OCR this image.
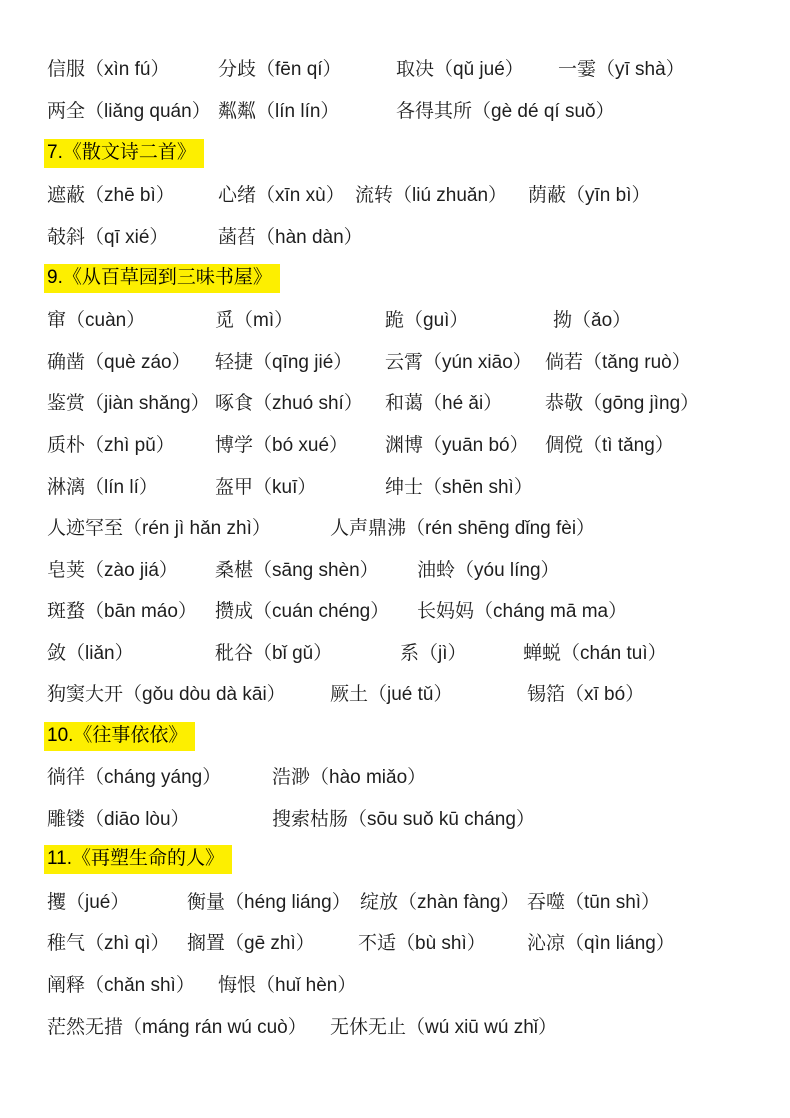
信服（xìn fú）	分歧（fēn qí）	取决（qǔ jué） 一霎（yī shà）
两全（liǎng quán） 粼粼（lín lín）	各得其所（gè dé qí suǒ）
7.《散文诗二首》
遮蔽（zhē bì） 心绪（xīn xù） 流转（liú zhuǎn） 荫蔽（yīn bì）
攲斜（qī xié）	菡萏（hàn dàn）
9.《从百草园到三味书屋》
窜（cuàn）	觅（mì）	跪（guì）	拗（ǎo）
确凿（què záo） 轻捷（qīng jié） 云霄（yún xiāo） 倘若（tǎng ruò）
鉴赏（jiàn shǎng） 啄食（zhuó shí） 和蔼（hé ǎi） 恭敬（gōng jìng）
质朴（zhì pǔ） 博学（bó xué） 渊博（yuān bó） 倜傥（tì tǎng）
淋漓（lín lí）	盔甲（kuī）	绅士（shēn shì）
人迹罕至（rén jì hǎn zhì）	人声鼎沸（rén shēng dǐng fèi）
皂荚（zào jiá） 桑椹（sāng shèn） 油蛉（yóu líng）
斑蝥（bān máo） 攒成（cuán chéng） 长妈妈（cháng mā ma）
敛（liǎn）	秕谷（bǐ gǔ）	系（jì）	蝉蜕（chán tuì）
狗窦大开（gǒu dòu dà kāi） 厥土（jué tǔ）	锡箔（xī bó）
10.《往事依依》
徜徉（cháng yáng）	浩渺（hào miǎo）
雕镂（diāo lòu）	搜索枯肠（sōu suǒ kū cháng）
11.《再塑生命的人》
攫（jué）	衡量（héng liáng） 绽放（zhàn fàng） 吞噬（tūn shì）
稚气（zhì qì） 搁置（gē zhì） 不适（bù shì） 沁凉（qìn liáng）
阐释（chǎn shì） 悔恨（huǐ hèn）
茫然无措（máng rán wú cuò） 无休无止（wú xiū wú zhǐ）
